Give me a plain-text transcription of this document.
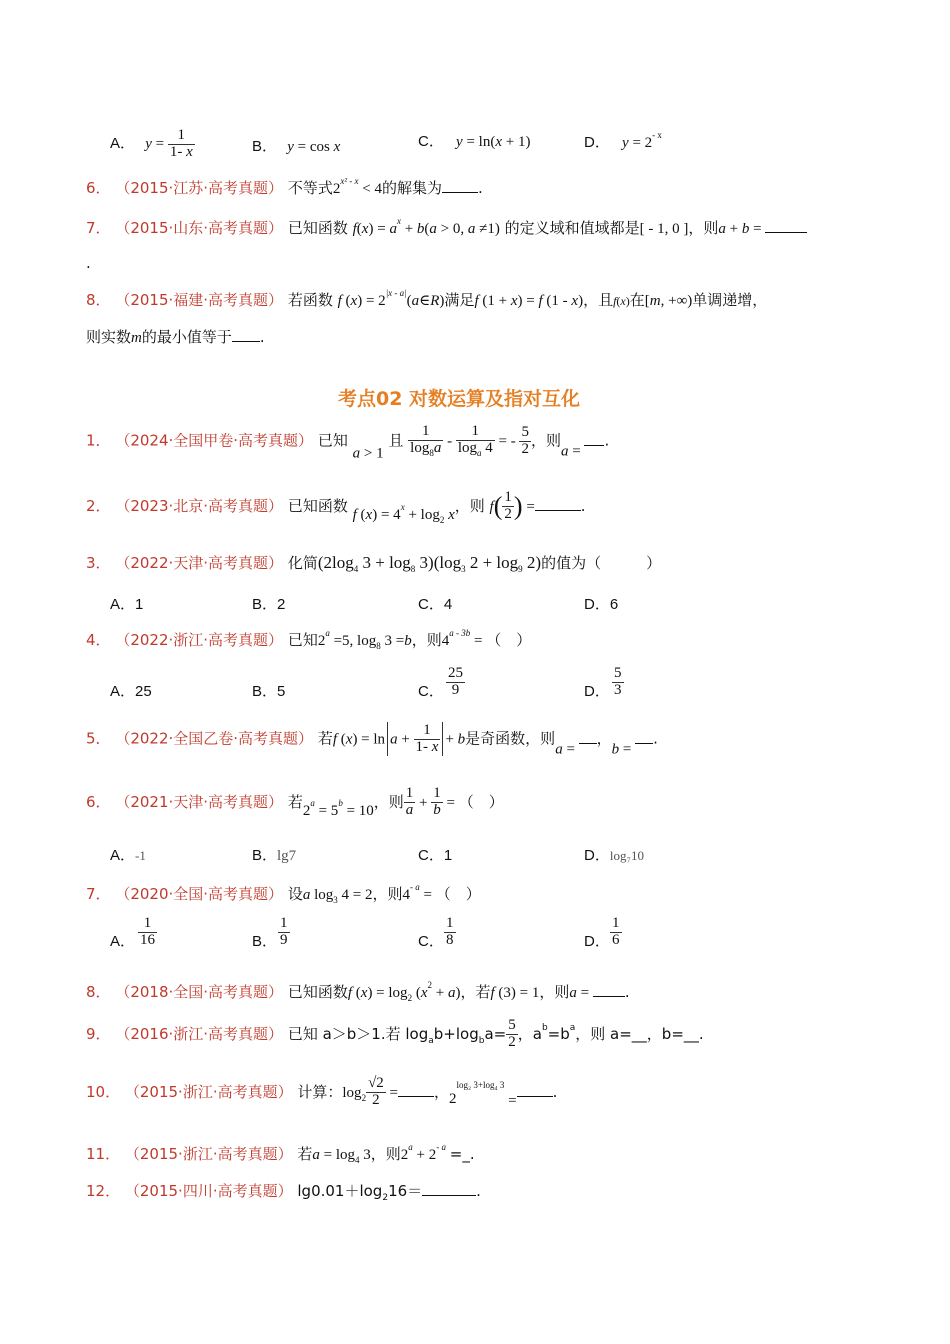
A． $y = \frac{1}{1- x}$	B． y = cos x	C． y = ln(x + 1)	D． $y = 2^{- x}$
6． （2015·江苏·高考真题） 不等式$2^{x^2 - x} < 4$的解集为 .
7． （2015·山东·高考真题） 已知函数 $f(x) = a^x + b(a > 0$, a ≠1) 的定义域和值域都是[ - 1, 0 ]，则a + b =
.
8． （2015·福建·高考真题） 若函数 f $(x) = 2^{|x - a|}(a\in R)$满足f (1 + x) = f (1 - x)，且f(x)在[m, +∞)单调递增，
则实数m的最小值等于 .
考点02 对数运算及指对互化
1． （2024·全国甲卷·高考真题） 已知 a > 1 且 $\frac{1}{\log_8a} - \frac{1}{\log_a 4}$ = - $\frac{5}{2}$ ，则a = .
2． （2023·北京·高考真题） 已知函数 f $(x) = 4^x + \log_2 x$，则 $f( \frac{1}{2}$ ) =	.
3． （2022·天津·高考真题） 化简($2\log_4$ $3 + \log_8 3)(\log_3$ $2 + \log_9 2$)的值为（　　　）
A．1	B．2	C．4	D．6
4． （2022·浙江·高考真题） 已知$2^a =5$, $\log_8 3 =b$，则$4^{a - 3b}$ = （　）
A．25	B．5	C． $\frac{25}{9}$	D． $\frac{5}{3}$
5． （2022·全国乙卷·高考真题） 若f $(x) = \ln a + \frac{1}{1- x} + b$是奇函数，则a = ，b = .
6． （2021·天津·高考真题） 若$2^a = 5^b = 10$，则 $\frac{1}{a} + \frac{1}{b}$ = （　）
A．-1	B．lg7	C．1	D．log₇10
7． （2020·全国·高考真题） 设a $\log_3 4 = 2$，则$4^{- a}$ = （　）
A． $\frac{1}{16}$	B． $\frac{1}{9}$	C． $\frac{1}{8}$	D． $\frac{1}{6}$
8． （2018·全国·高考真题） 已知函数f $(x) = \log_2 (x^2 + a)$，若f (3) = 1，则a = .
9． （2016·浙江·高考真题） 已知 a＞b＞1.若 $\log_ab+\log_ba= \frac{5}{2}$ ，$a^b=b^a$，则 a=__，b=__.
10． （2015·浙江·高考真题） 计算：$\log_2 \frac{√2}{2}$ = ，$2^{log_2 3+log_4 3}$ = .
11． （2015·浙江·高考真题） 若$a = \log_4 3$，则$2^a + 2^{- a}$ =_.
12． （2015·四川·高考真题） $\lg 0.01+\log_216=$	.
